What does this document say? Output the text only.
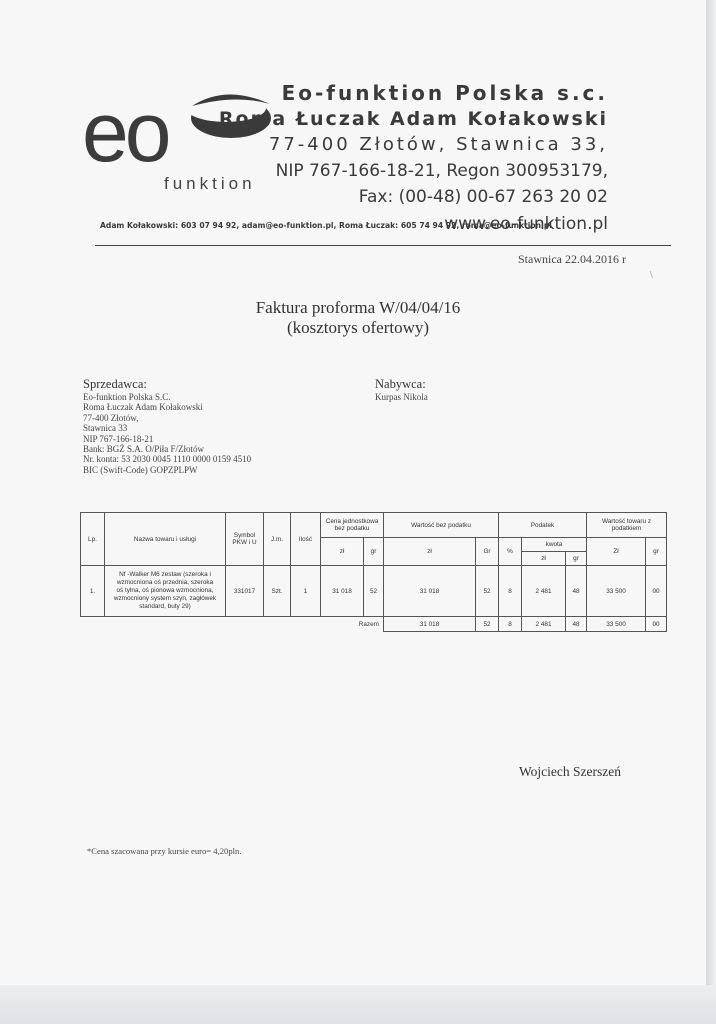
eo
funktion
Eo-funktion Polska s.c.
Roma Łuczak Adam Kołakowski
77-400 Złotów, Stawnica 33,
NIP 767-166-18-21, Regon 300953179,
Fax: (00-48) 00-67 263 20 02
www.eo-funktion.pl
Adam Kołakowski: 603 07 94 92, adam@eo-funktion.pl, Roma Łuczak: 605 74 94 92, roma@eo-funktion.pl
Stawnica 22.04.2016 r
\
Faktura proforma W/04/04/16
(kosztorys ofertowy)
Sprzedawca:
Eo-funktion Polska S.C.
Roma Łuczak Adam Kołakowski
77-400 Złotów,
Stawnica 33
NIP 767-166-18-21
Bank: BGŻ S.A. O/Piła F/Złotów
Nr. konta: 53 2030 0045 1110 0000 0159 4510
BIC (Swift-Code) GOPZPLPW
Nabywca:
Kurpas Nikola
Lp.	Nazwa towaru i usługi	Symbol PKW i U	J.m.	Ilość	Cena jednostkowa bez podatku		Wartość bez podatku		Podatek			Wartość towaru z podatkiem	
					zł	gr	zł	Gr	%	kwota		Zł	gr
										zł	gr		
1.	Nf -Walker M6 zestaw (szeroka i wzmocniona oś przednia, szeroka oś tylna, oś pionowa wzmocniona, wzmocniony system szyn, zagłówek standard, buty 29)	331017	Szt.	1	31 018	52	31 018	52	8	2 481	48	33 500	00
Razem							31 018	52	8	2 481	48	33 500	00
Wojciech Szerszeń
*Cena szacowana przy kursie euro= 4,20pln.
